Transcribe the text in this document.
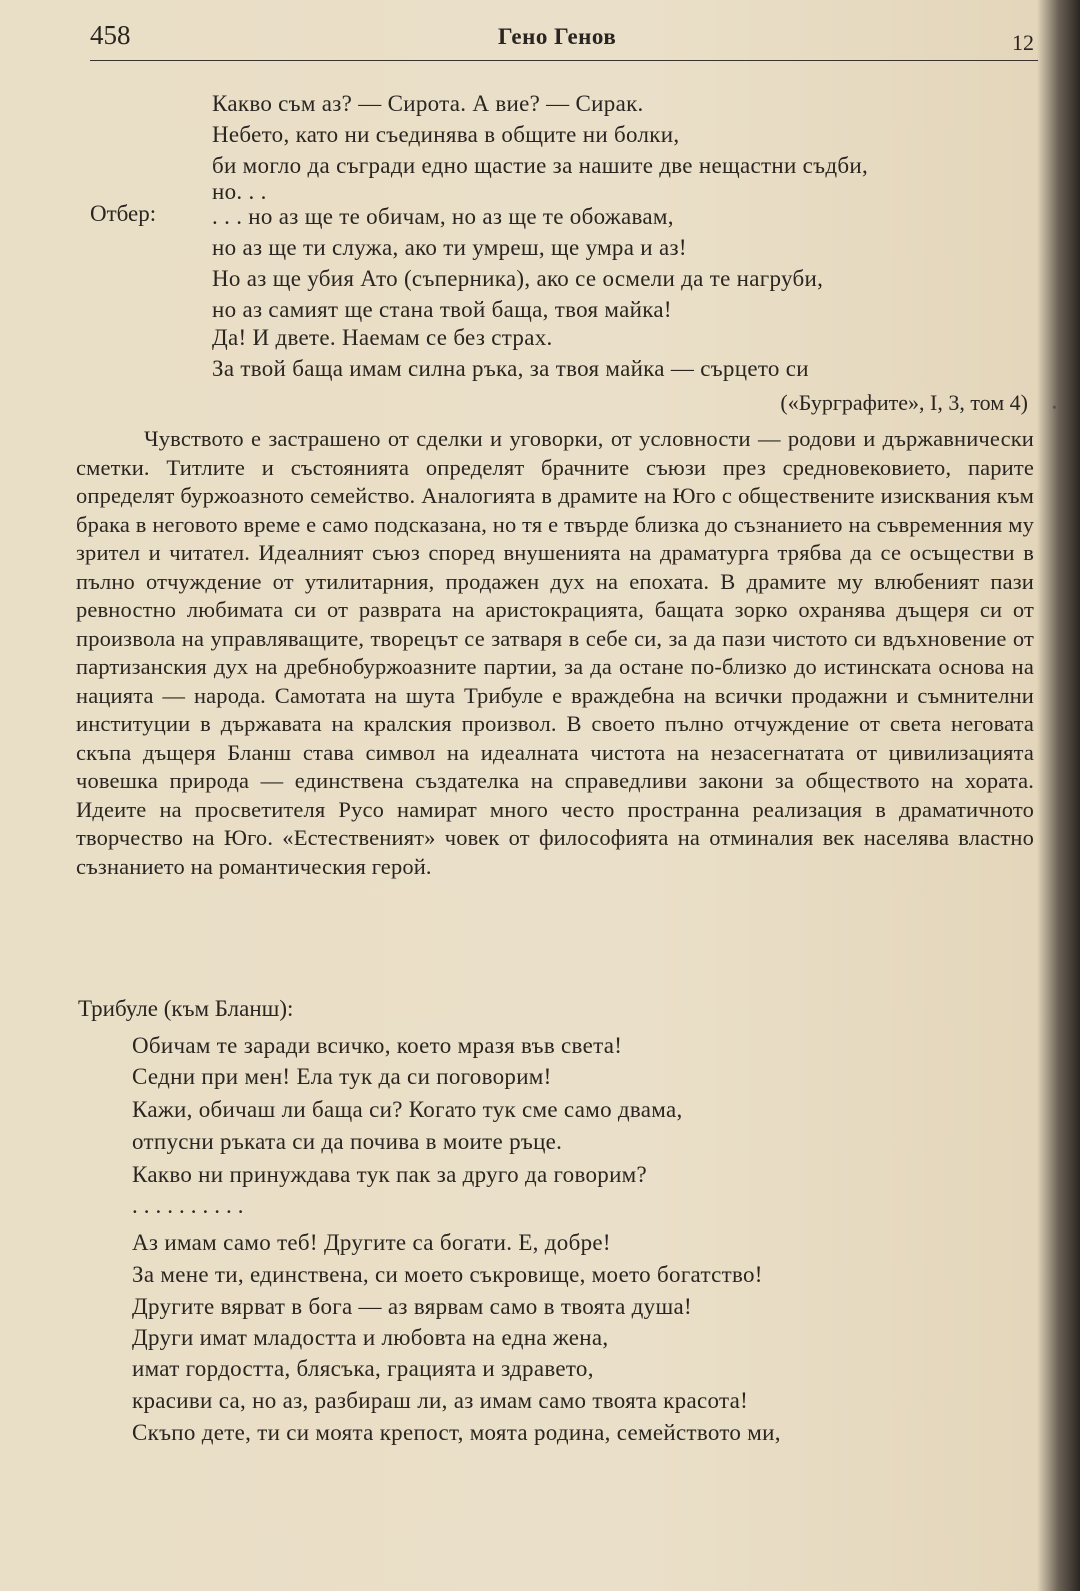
458	Гено Генов	12
Какво съм аз? — Сирота. А вие? — Сирак.
Небето, като ни съединява в общите ни болки,
би могло да съгради едно щастие за нашите две нещастни съдби,
но. . .
Отбер: . . . но аз ще те обичам, но аз ще те обожавам,
но аз ще ти служа, ако ти умреш, ще умра и аз!
Но аз ще убия Ато (съперника), ако се осмели да те нагруби,
но аз самият ще стана твой баща, твоя майка!
Да! И двете. Наемам се без страх.
За твой баща имам силна ръка, за твоя майка — сърцето си
(«Бурграфите», I, 3, том 4) •
Чувството е застрашено от сделки и уговорки, от условности — родови и държавнически сметки. Титлите и състоянията определят брачните съюзи през средновековието, парите определят буржоазното семейство. Аналогията в драмите на Юго с обществените изисквания към брака в неговото време е само подсказана, но тя е твърде близка до съзнанието на съвременния му зрител и читател. Идеалният съюз според внушенията на драматурга трябва да се осъществи в пълно отчуждение от утилитарния, продажен дух на епохата. В драмите му влюбеният пази ревностно любимата си от разврата на аристокрацията, бащата зорко охранява дъщеря си от произвола на управляващите, творецът се затваря в себе си, за да пази чистото си вдъхновение от партизанския дух на дребнобуржоазните партии, за да остане по-близко до истинската основа на нацията — народа. Самотата на шута Трибуле е враждебна на всички продажни и съмнителни институции в държавата на кралския произвол. В своето пълно отчуждение от света неговата скъпа дъщеря Бланш става символ на идеалната чистота на незасегнатата от цивилизацията човешка природа — единствена създателка на справедливи закони за обществото на хората. Идеите на просветителя Русо намират много често пространна реализация в драматичното творчество на Юго. «Естественият» човек от философията на отминалия век населява властно съзнанието на романтическия герой.
Трибуле (към Бланш):
Обичам те заради всичко, което мразя във света!
Седни при мен! Ела тук да си поговорим!
Кажи, обичаш ли баща си? Когато тук сме само двама,
отпусни ръката си да почива в моите ръце.
Какво ни принуждава тук пак за друго да говорим?
..........
Аз имам само теб! Другите са богати. Е, добре!
За мене ти, единствена, си моето съкровище, моето богатство!
Другите вярват в бога — аз вярвам само в твоята душа!
Други имат младостта и любовта на една жена,
имат гордостта, блясъка, грацията и здравето,
красиви са, но аз, разбираш ли, аз имам само твоята красота!
Скъпо дете, ти си моята крепост, моята родина, семейството ми,
